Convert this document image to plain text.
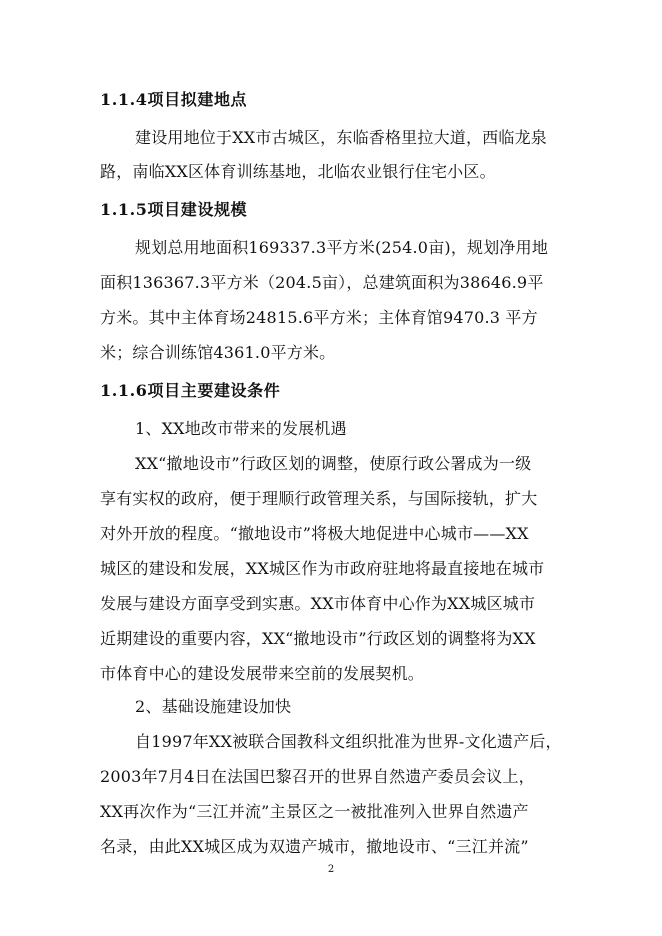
1.1.4项目拟建地点
建设用地位于XX市古城区，东临香格里拉大道，西临龙泉
路，南临XX区体育训练基地，北临农业银行住宅小区。
1.1.5项目建设规模
规划总用地面积169337.3平方米(254.0亩)，规划净用地
面积136367.3平方米（204.5亩），总建筑面积为38646.9平
方米。其中主体育场24815.6平方米；主体育馆9470.3 平方
米；综合训练馆4361.0平方米。
1.1.6项目主要建设条件
1、XX地改市带来的发展机遇
XX“撤地设市”行政区划的调整，使原行政公署成为一级
享有实权的政府，便于理顺行政管理关系，与国际接轨，扩大
对外开放的程度。“撤地设市”将极大地促进中心城市——XX
城区的建设和发展，XX城区作为市政府驻地将最直接地在城市
发展与建设方面享受到实惠。XX市体育中心作为XX城区城市
近期建设的重要内容，XX“撤地设市”行政区划的调整将为XX
市体育中心的建设发展带来空前的发展契机。
2、基础设施建设加快
自1997年XX被联合国教科文组织批准为世界-文化遗产后，
2003年7月4日在法国巴黎召开的世界自然遗产委员会议上，
XX再次作为“三江并流”主景区之一被批准列入世界自然遗产
名录，由此XX城区成为双遗产城市，撤地设市、“三江并流”
2
